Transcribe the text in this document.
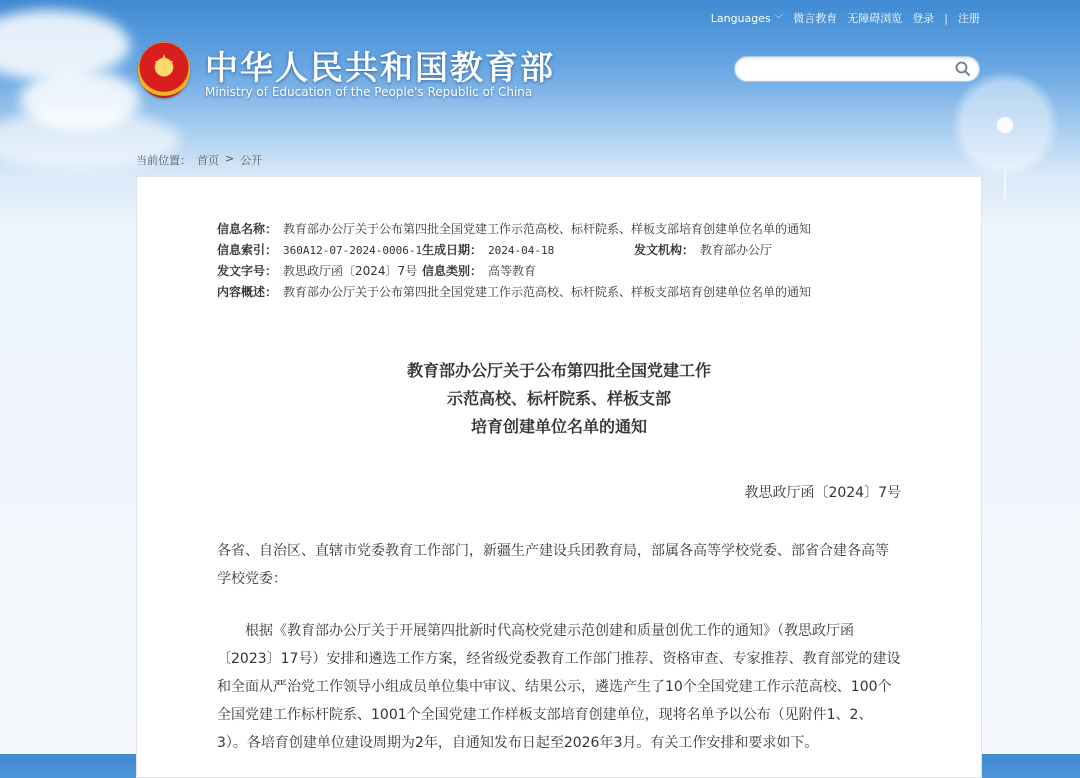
Languages ﹀ 微言教育 无障碍浏览 登录 | 注册
中华人民共和国教育部
Ministry of Education of the People's Republic of China
当前位置： 首页 > 公开
信息名称： 教育部办公厅关于公布第四批全国党建工作示范高校、标杆院系、样板支部培育创建单位名单的通知
信息索引： 360A12-07-2024-0006-1 生成日期： 2024-04-18	发文机构： 教育部办公厅
发文字号： 教思政厅函〔2024〕7号 信息类别： 高等教育
内容概述： 教育部办公厅关于公布第四批全国党建工作示范高校、标杆院系、样板支部培育创建单位名单的通知
教育部办公厅关于公布第四批全国党建工作
示范高校、标杆院系、样板支部
培育创建单位名单的通知
教思政厅函〔2024〕7号
各省、自治区、直辖市党委教育工作部门，新疆生产建设兵团教育局，部属各高等学校党委、部省合建各高等学校党委：
根据《教育部办公厅关于开展第四批新时代高校党建示范创建和质量创优工作的通知》（教思政厅函〔2023〕17号）安排和遴选工作方案，经省级党委教育工作部门推荐、资格审查、专家推荐、教育部党的建设和全面从严治党工作领导小组成员单位集中审议、结果公示，遴选产生了10个全国党建工作示范高校、100个全国党建工作标杆院系、1001个全国党建工作样板支部培育创建单位，现将名单予以公布（见附件1、2、3）。各培育创建单位建设周期为2年，自通知发布日起至2026年3月。有关工作安排和要求如下。
